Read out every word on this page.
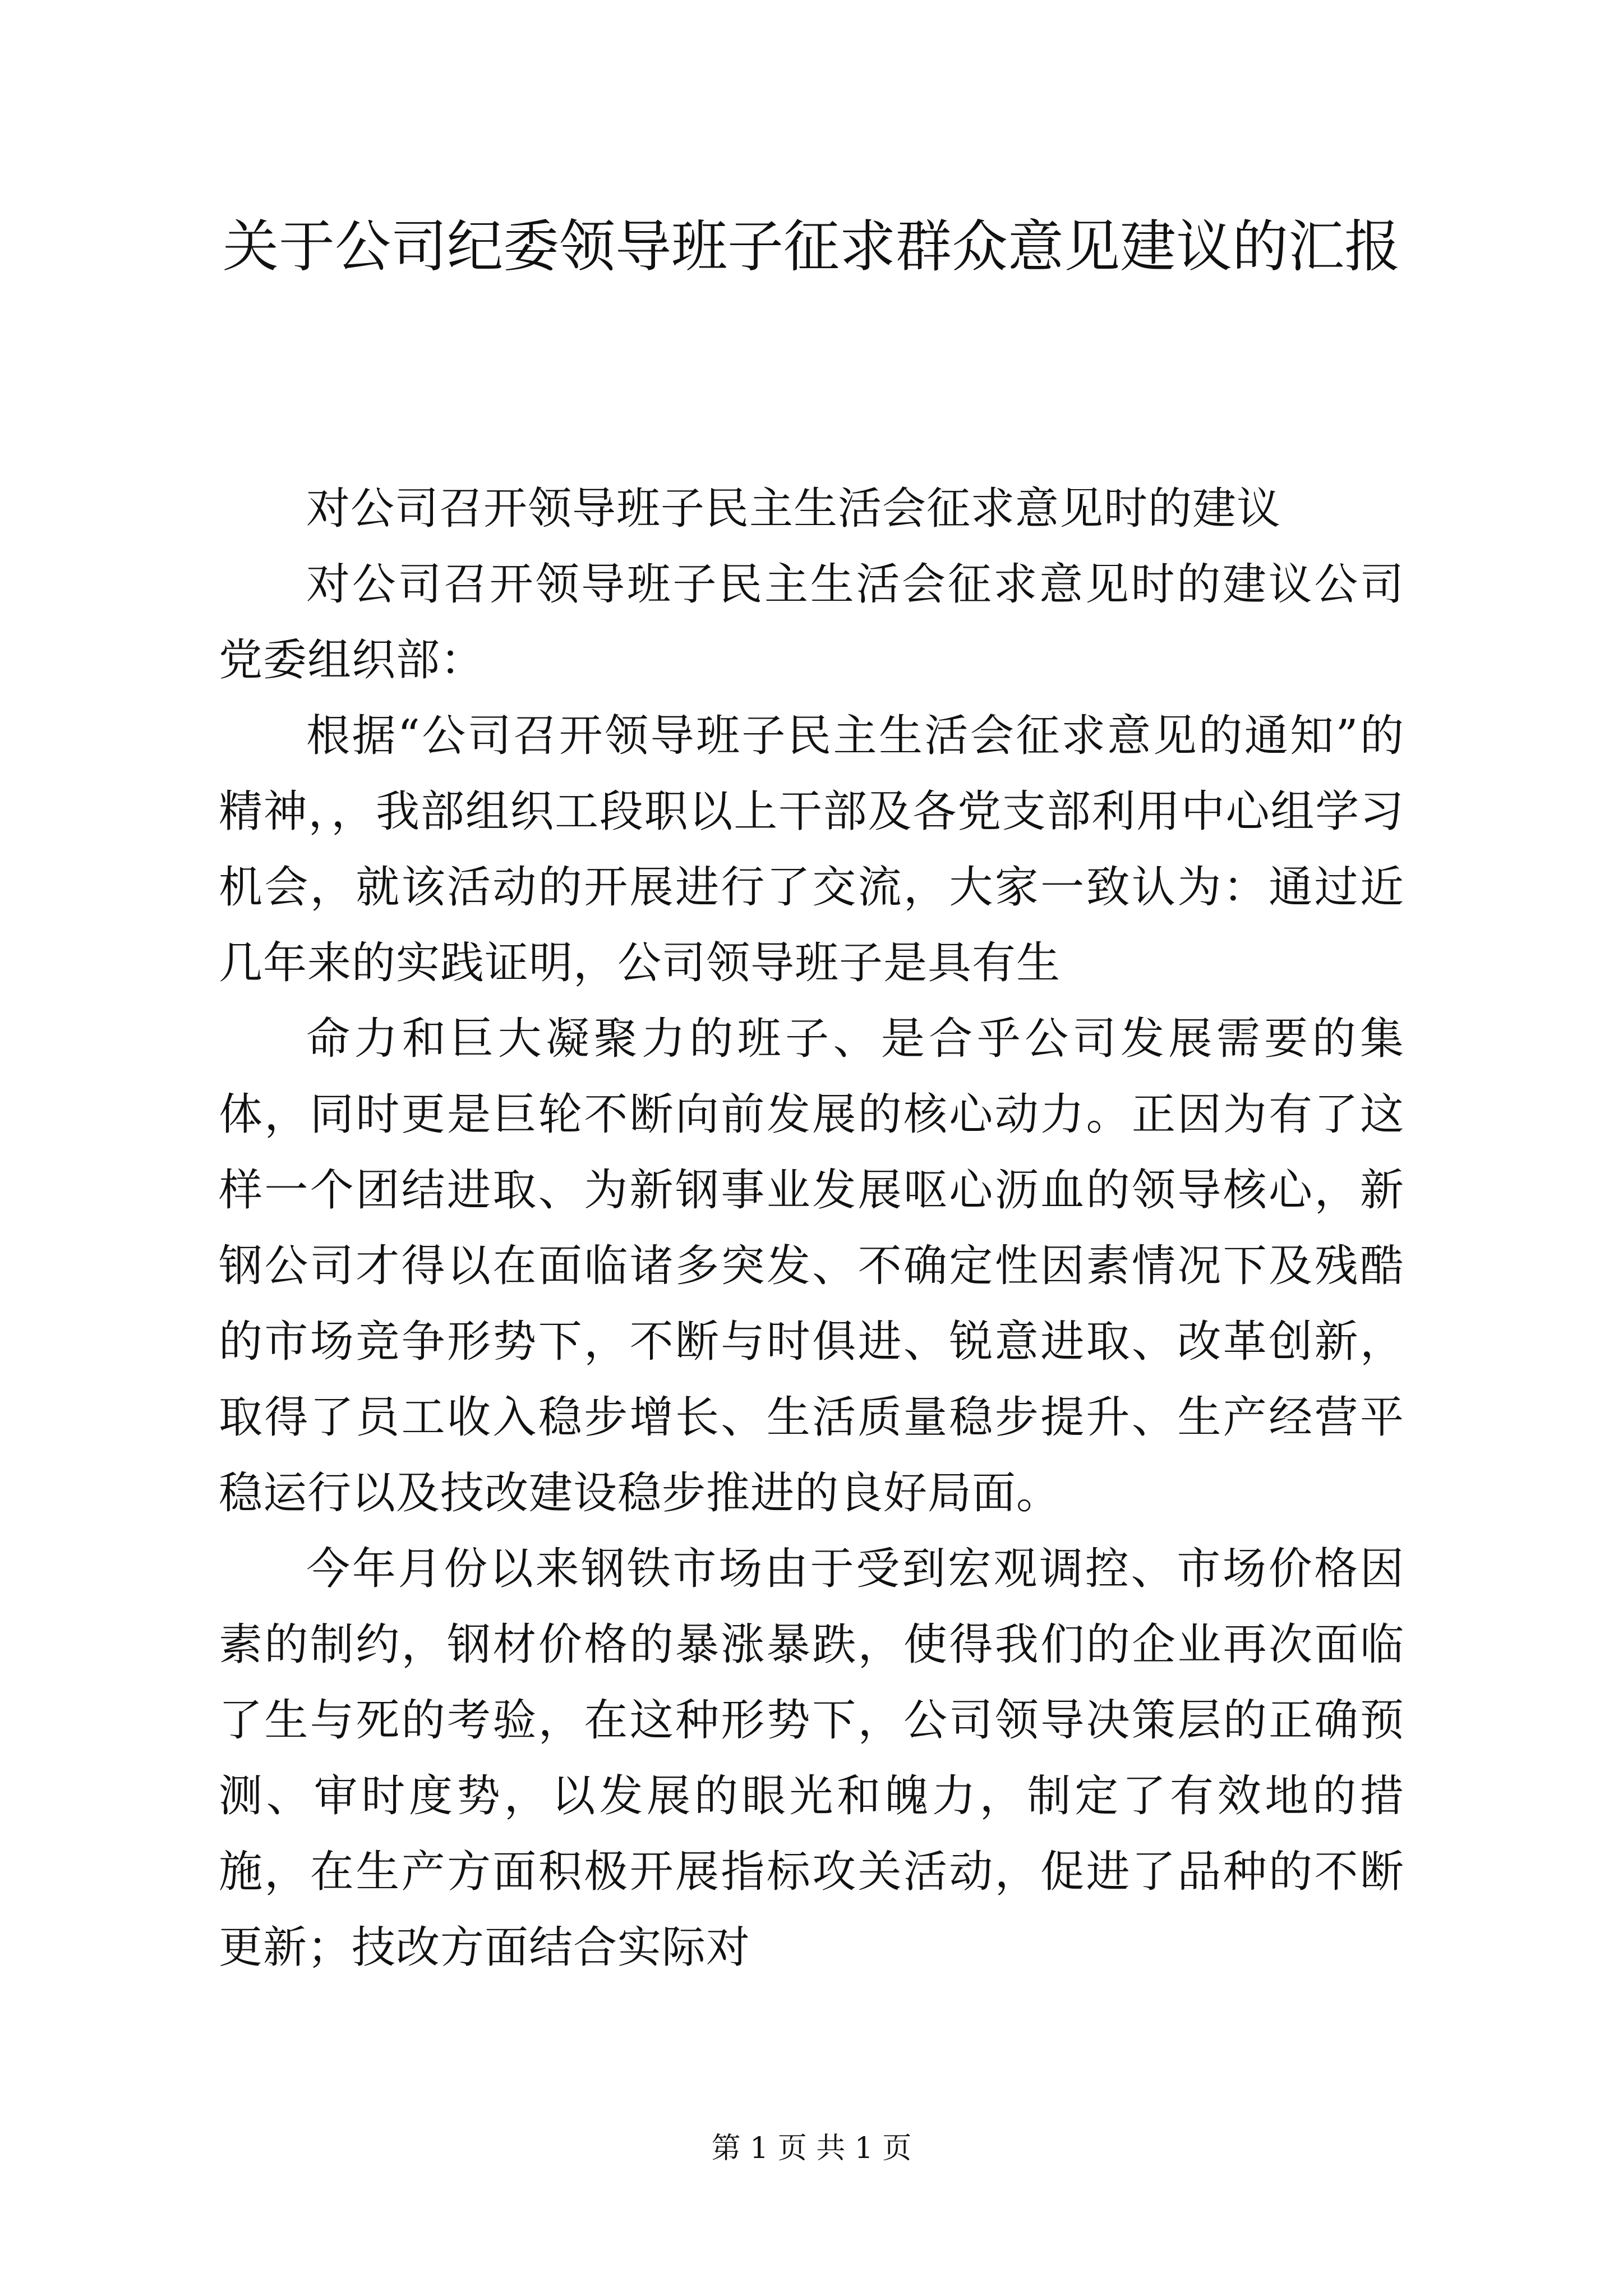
关于公司纪委领导班子征求群众意见建议的汇报

对公司召开领导班子民主生活会征求意见时的建议

对公司召开领导班子民主生活会征求意见时的建议公司党委组织部：

根据“公司召开领导班子民主生活会征求意见的通知”的精神，，我部组织工段职以上干部及各党支部利用中心组学习机会，就该活动的开展进行了交流，大家一致认为：通过近几年来的实践证明，公司领导班子是具有生

命力和巨大凝聚力的班子、是合乎公司发展需要的集体，同时更是巨轮不断向前发展的核心动力。正因为有了这样一个团结进取、为新钢事业发展呕心沥血的领导核心，新钢公司才得以在面临诸多突发、不确定性因素情况下及残酷的市场竞争形势下，不断与时俱进、锐意进取、改革创新，取得了员工收入稳步增长、生活质量稳步提升、生产经营平稳运行以及技改建设稳步推进的良好局面。

今年月份以来钢铁市场由于受到宏观调控、市场价格因素的制约，钢材价格的暴涨暴跌，使得我们的企业再次面临了生与死的考验，在这种形势下，公司领导决策层的正确预测、审时度势，以发展的眼光和魄力，制定了有效地的措施，在生产方面积极开展指标攻关活动，促进了品种的不断更新；技改方面结合实际对

第 1 页 共 1 页
